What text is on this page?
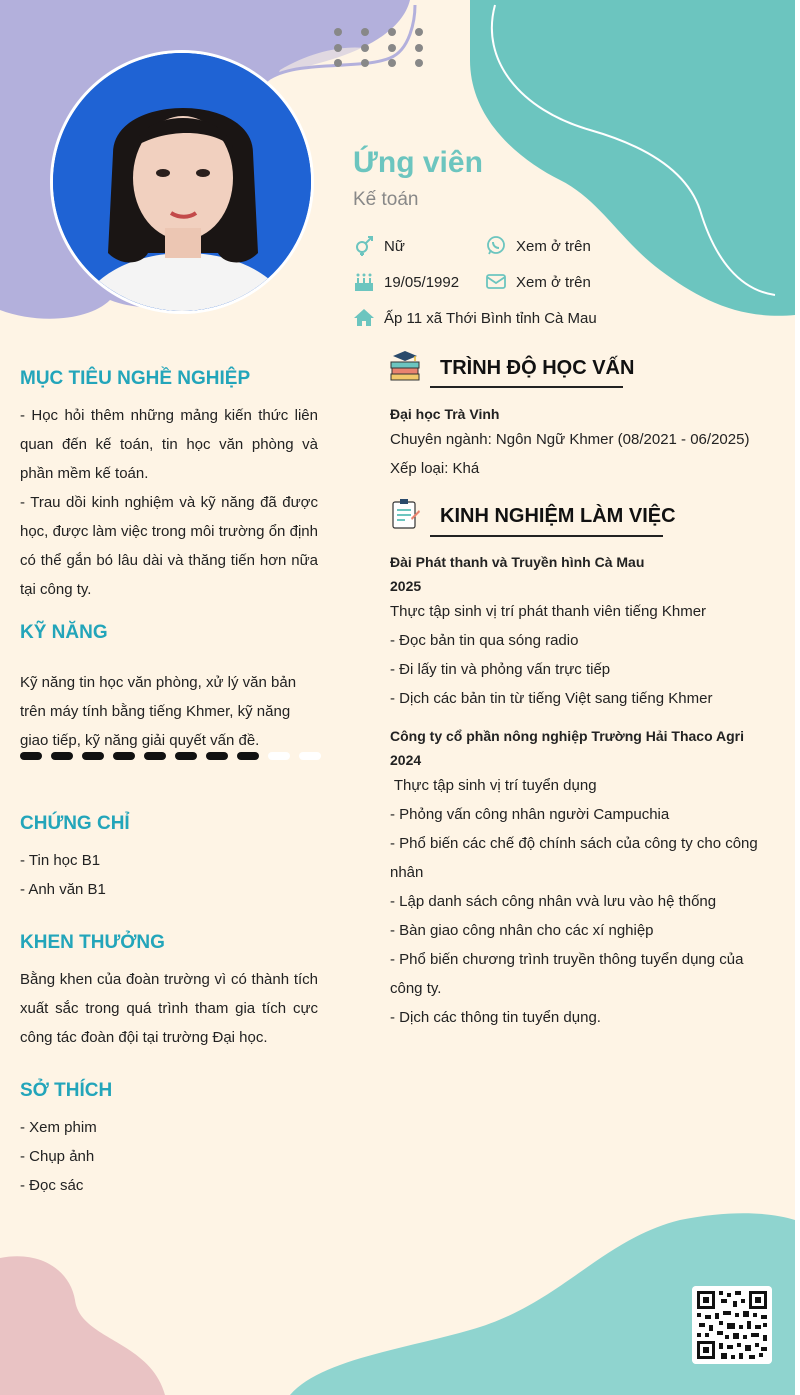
Ứng viên
Kế toán
Nữ	Xem ở trên
19/05/1992	Xem ở trên
Ấp 11 xã Thới Bình tỉnh Cà Mau
MỤC TIÊU NGHỀ NGHIỆP

- Học hỏi thêm những mảng kiến thức liên quan đến kế toán, tin học văn phòng và phần mềm kế toán.

- Trau dồi kinh nghiệm và kỹ năng đã được học, được làm việc trong môi trường ổn định có thể gắn bó lâu dài và thăng tiến hơn nữa tại công ty.

KỸ NĂNG
Kỹ năng tin học văn phòng, xử lý văn bản trên máy tính bằng tiếng Khmer, kỹ năng giao tiếp, kỹ năng giải quyết vấn đề.
CHỨNG CHỈ

- Tin học B1

- Anh văn B1

KHEN THƯỞNG
Bằng khen của đoàn trường vì có thành tích xuất sắc trong quá trình tham gia tích cực công tác đoàn đội tại trường Đại học.
SỞ THÍCH

- Xem phim

- Chụp ảnh

- Đọc sác

TRÌNH ĐỘ HỌC VẤN
Đại học Trà Vinh
Chuyên ngành: Ngôn Ngữ Khmer (08/2021 - 06/2025)
Xếp loại: Khá
KINH NGHIỆM LÀM VIỆC
Đài Phát thanh và Truyền hình Cà Mau
2025
Thực tập sinh vị trí phát thanh viên tiếng Khmer
- Đọc bản tin qua sóng radio
- Đi lấy tin và phỏng vấn trực tiếp
- Dịch các bản tin từ tiếng Việt sang tiếng Khmer
Công ty cổ phần nông nghiệp Trường Hải Thaco Agri
2024
Thực tập sinh vị trí tuyển dụng
- Phỏng vấn công nhân người Campuchia
- Phổ biến các chế độ chính sách của công ty cho công
nhân
- Lập danh sách công nhân vvà lưu vào hệ thống
- Bàn giao công nhân cho các xí nghiệp
- Phổ biến chương trình truyền thông tuyển dụng của
công ty.
- Dịch các thông tin tuyển dụng.
